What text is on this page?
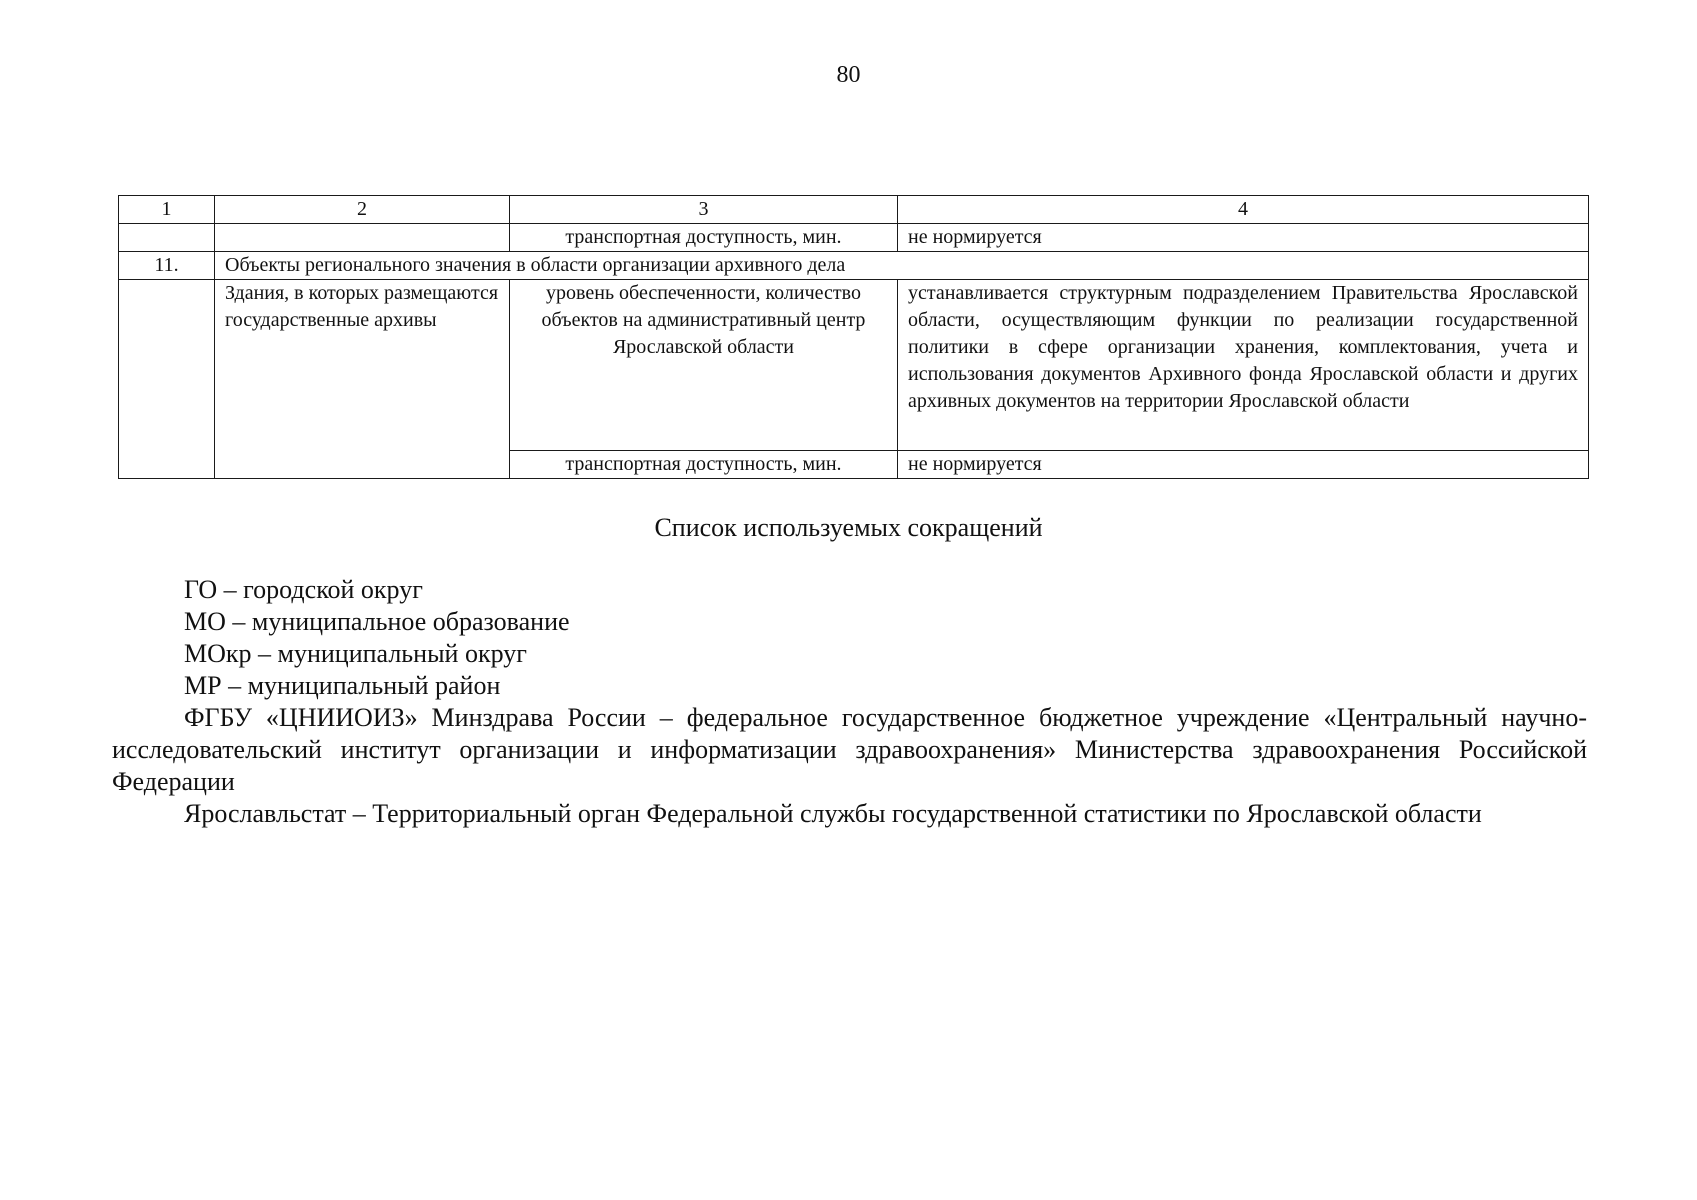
80
1	2	3	4
		транспортная доступность, мин.	не нормируется
11.	Объекты регионального значения в области организации архивного дела		
	Здания, в которых размещаются государственные архивы	уровень обеспеченности, количество объектов на административный центр Ярославской области	устанавливается структурным подразделением Правительства Ярославской области, осуществляющим функции по реализации государственной политики в сфере организации хранения, комплектования, учета и использования документов Архивного фонда Ярославской области и других архивных документов на территории Ярославской области
		транспортная доступность, мин.	не нормируется
Список используемых сокращений

ГО – городской округ

МО – муниципальное образование

МОкр – муниципальный округ

МР – муниципальный район

ФГБУ «ЦНИИОИЗ» Минздрава России – федеральное государственное бюджетное учреждение «Центральный научно-исследовательский институт организации и информатизации здравоохранения» Министерства здравоохранения Российской Федерации

Ярославльстат – Территориальный орган Федеральной службы государственной статистики по Ярославской области
